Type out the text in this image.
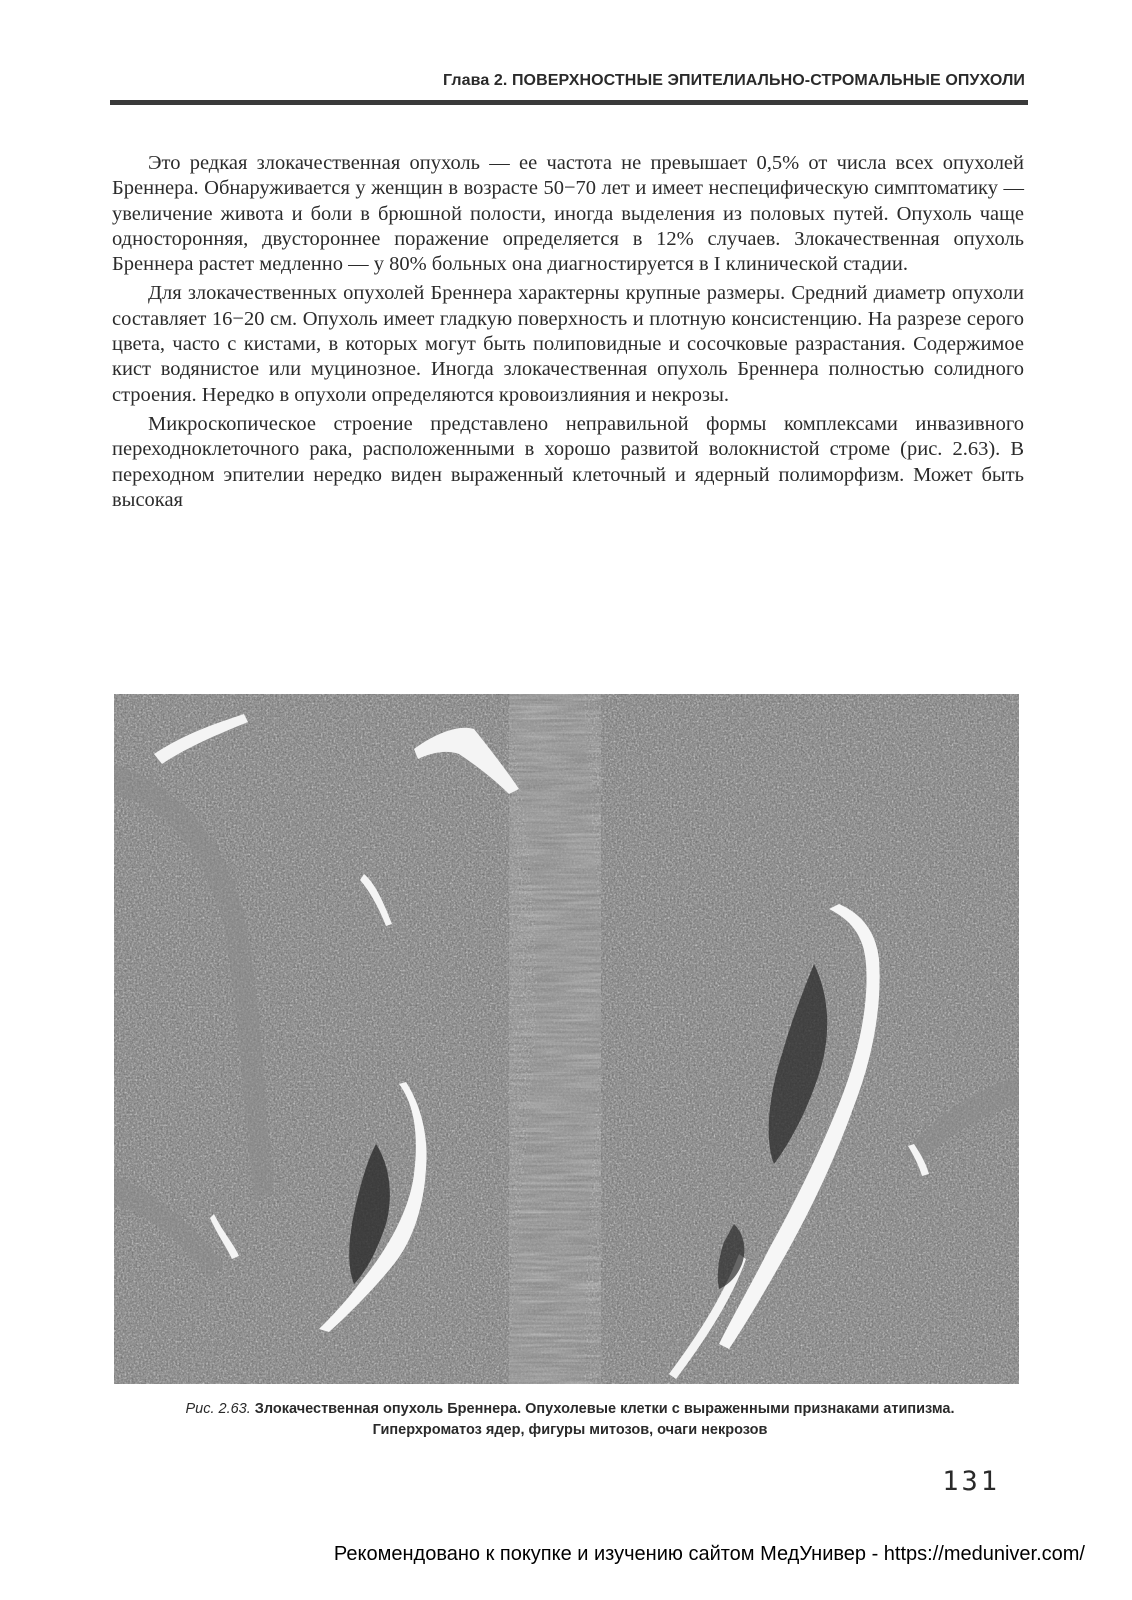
Глава 2. ПОВЕРХНОСТНЫЕ ЭПИТЕЛИАЛЬНО-СТРОМАЛЬНЫЕ ОПУХОЛИ

Это редкая злокачественная опухоль — ее частота не превышает 0,5% от числа всех опухолей Бреннера. Обнаруживается у женщин в возрасте 50−70 лет и имеет неспецифическую симптоматику — увеличение живота и боли в брюшной полости, иногда выделения из половых путей. Опухоль чаще односторонняя, двустороннее поражение определяется в 12% случаев. Злокачественная опухоль Бреннера растет медленно — у 80% больных она диагностируется в I клинической стадии.

Для злокачественных опухолей Бреннера характерны крупные размеры. Средний диаметр опухоли составляет 16−20 см. Опухоль имеет гладкую поверхность и плотную консистенцию. На разрезе серого цвета, часто с кистами, в которых могут быть полиповидные и сосочковые разрастания. Содержимое кист водянистое или муцинозное. Иногда злокачественная опухоль Бреннера полностью солидного строения. Нередко в опухоли определяются кровоизлияния и некрозы.

Микроскопическое строение представлено неправильной формы комплексами инвазивного переходноклеточного рака, расположенными в хорошо развитой волокнистой строме (рис. 2.63). В переходном эпителии нередко виден выраженный клеточный и ядерный полиморфизм. Может быть высокая

Рис. 2.63. Злокачественная опухоль Бреннера. Опухолевые клетки с выраженными признаками атипизма. Гиперхроматоз ядер, фигуры митозов, очаги некрозов
131
Рекомендовано к покупке и изучению сайтом МедУнивер - https://meduniver.com/
